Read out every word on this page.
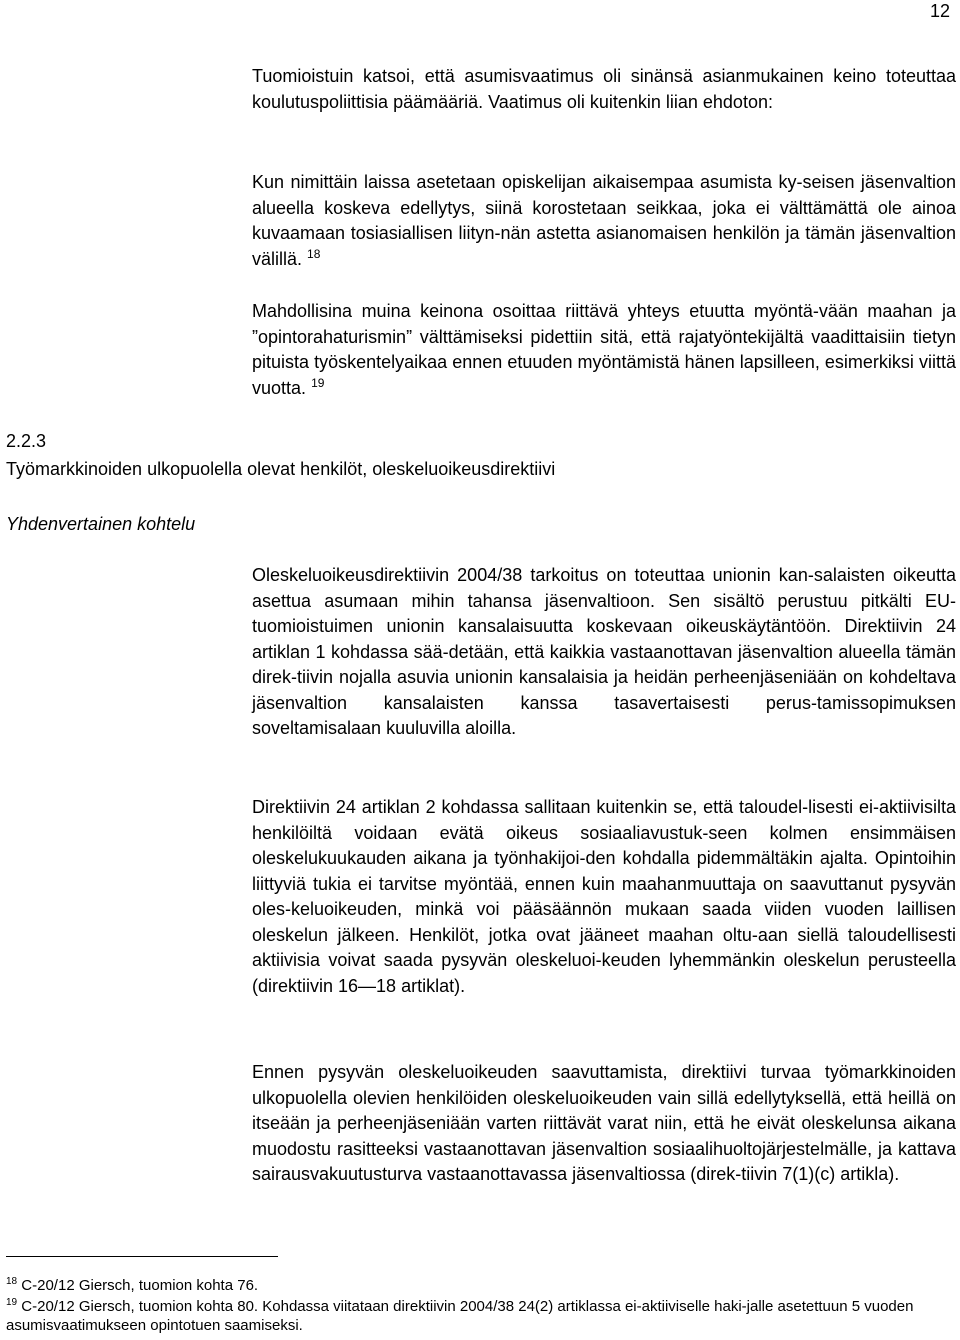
12

Tuomioistuin katsoi, että asumisvaatimus oli sinänsä asianmukainen keino toteuttaa koulutuspoliittisia päämääriä. Vaatimus oli kuitenkin liian ehdoton:

Kun nimittäin laissa asetetaan opiskelijan aikaisempaa asumista ky-seisen jäsenvaltion alueella koskeva edellytys, siinä korostetaan seikkaa, joka ei välttämättä ole ainoa kuvaamaan tosiasiallisen liityn-nän astetta asianomaisen henkilön ja tämän jäsenvaltion välillä. $^{18}$

Mahdollisina muina keinona osoittaa riittävä yhteys etuutta myöntä-vään maahan ja ”opintorahaturismin” välttämiseksi pidettiin sitä, että rajatyöntekijältä vaadittaisiin tietyn pituista työskentelyaikaa ennen etuuden myöntämistä hänen lapsilleen, esimerkiksi viittä vuotta. $^{19}$

2.2.3
Työmarkkinoiden ulkopuolella olevat henkilöt, oleskeluoikeusdirektiivi
Yhdenvertainen kohtelu

Oleskeluoikeusdirektiivin 2004/38 tarkoitus on toteuttaa unionin kan-salaisten oikeutta asettua asumaan mihin tahansa jäsenvaltioon. Sen sisältö perustuu pitkälti EU-tuomioistuimen unionin kansalaisuutta koskevaan oikeuskäytäntöön. Direktiivin 24 artiklan 1 kohdassa sää-detään, että kaikkia vastaanottavan jäsenvaltion alueella tämän direk-tiivin nojalla asuvia unionin kansalaisia ja heidän perheenjäseniään on kohdeltava jäsenvaltion kansalaisten kanssa tasavertaisesti perus-tamissopimuksen soveltamisalaan kuuluvilla aloilla.

Direktiivin 24 artiklan 2 kohdassa sallitaan kuitenkin se, että taloudel-lisesti ei-aktiivisilta henkilöiltä voidaan evätä oikeus sosiaaliavustuk-seen kolmen ensimmäisen oleskelukuukauden aikana ja työnhakijoi-den kohdalla pidemmältäkin ajalta. Opintoihin liittyviä tukia ei tarvitse myöntää, ennen kuin maahanmuuttaja on saavuttanut pysyvän oles-keluoikeuden, minkä voi pääsäännön mukaan saada viiden vuoden laillisen oleskelun jälkeen. Henkilöt, jotka ovat jääneet maahan oltu-aan siellä taloudellisesti aktiivisia voivat saada pysyvän oleskeluoi-keuden lyhemmänkin oleskelun perusteella (direktiivin 16—18 artiklat).

Ennen pysyvän oleskeluoikeuden saavuttamista, direktiivi turvaa työmarkkinoiden ulkopuolella olevien henkilöiden oleskeluoikeuden vain sillä edellytyksellä, että heillä on itseään ja perheenjäseniään varten riittävät varat niin, että he eivät oleskelunsa aikana muodostu rasitteeksi vastaanottavan jäsenvaltion sosiaalihuoltojärjestelmälle, ja kattava sairausvakuutusturva vastaanottavassa jäsenvaltiossa (direk-tiivin 7(1)(c) artikla).

$^{18}$ C-20/12 Giersch, tuomion kohta 76.

$^{19}$ C-20/12 Giersch, tuomion kohta 80. Kohdassa viitataan direktiivin 2004/38 24(2) artiklassa ei-aktiiviselle haki-jalle asetettuun 5 vuoden asumisvaatimukseen opintotuen saamiseksi.
